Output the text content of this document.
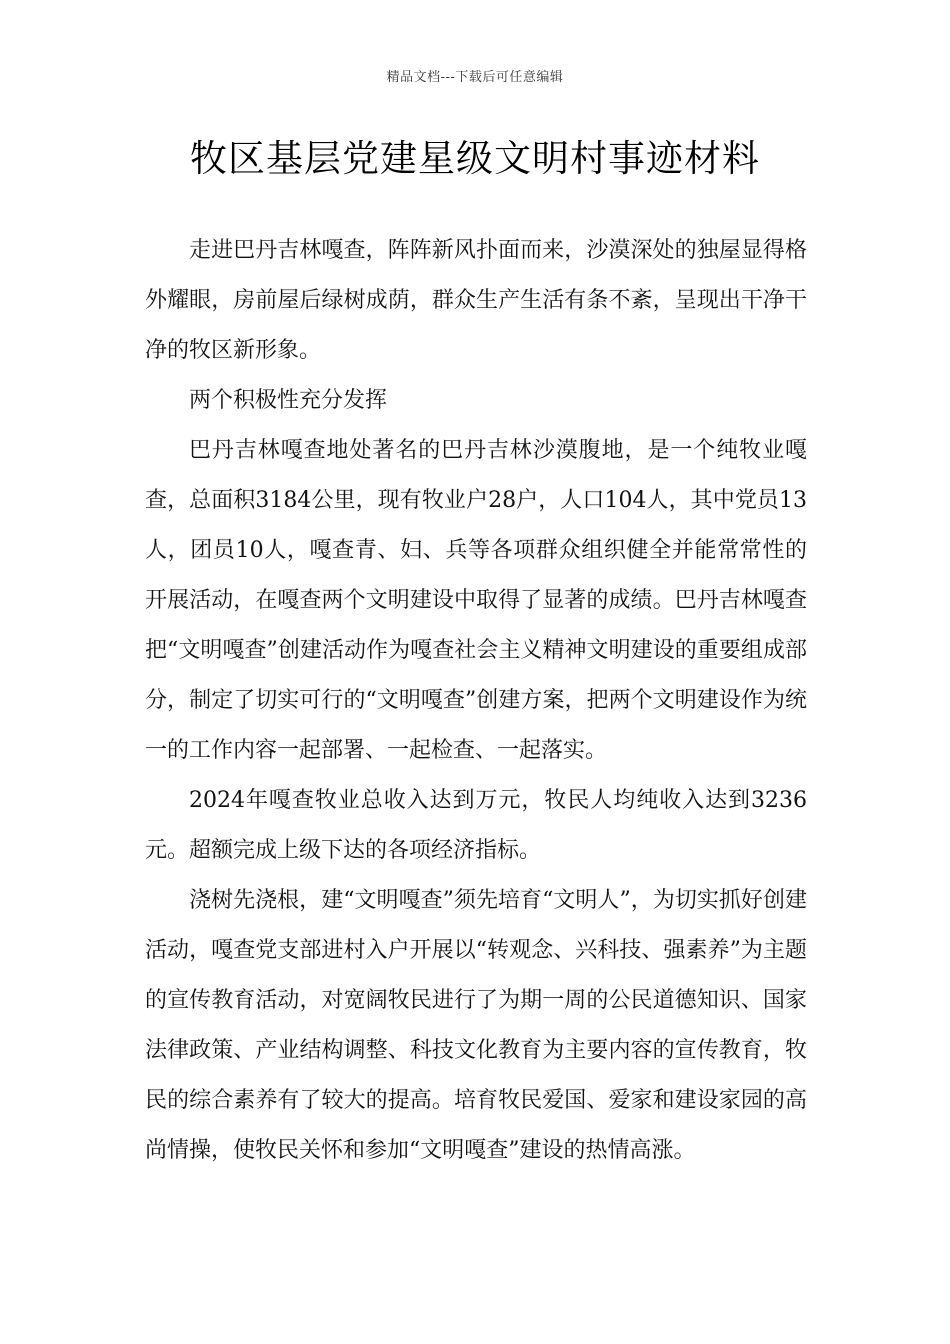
精品文档---下载后可任意编辑
牧区基层党建星级文明村事迹材料

走进巴丹吉林嘎查，阵阵新风扑面而来，沙漠深处的独屋显得格外耀眼，房前屋后绿树成荫，群众生产生活有条不紊，呈现出干净干净的牧区新形象。

两个积极性充分发挥

巴丹吉林嘎查地处著名的巴丹吉林沙漠腹地，是一个纯牧业嘎查，总面积3184公里，现有牧业户28户，人口104人，其中党员13人，团员10人，嘎查青、妇、兵等各项群众组织健全并能常常性的开展活动，在嘎查两个文明建设中取得了显著的成绩。巴丹吉林嘎查把“文明嘎查”创建活动作为嘎查社会主义精神文明建设的重要组成部分，制定了切实可行的“文明嘎查”创建方案，把两个文明建设作为统一的工作内容一起部署、一起检查、一起落实。

2024年嘎查牧业总收入达到万元，牧民人均纯收入达到3236元。超额完成上级下达的各项经济指标。

浇树先浇根，建“文明嘎查”须先培育“文明人”，为切实抓好创建活动，嘎查党支部进村入户开展以“转观念、兴科技、强素养”为主题的宣传教育活动，对宽阔牧民进行了为期一周的公民道德知识、国家法律政策、产业结构调整、科技文化教育为主要内容的宣传教育，牧民的综合素养有了较大的提高。培育牧民爱国、爱家和建设家园的高尚情操，使牧民关怀和参加“文明嘎查”建设的热情高涨。
